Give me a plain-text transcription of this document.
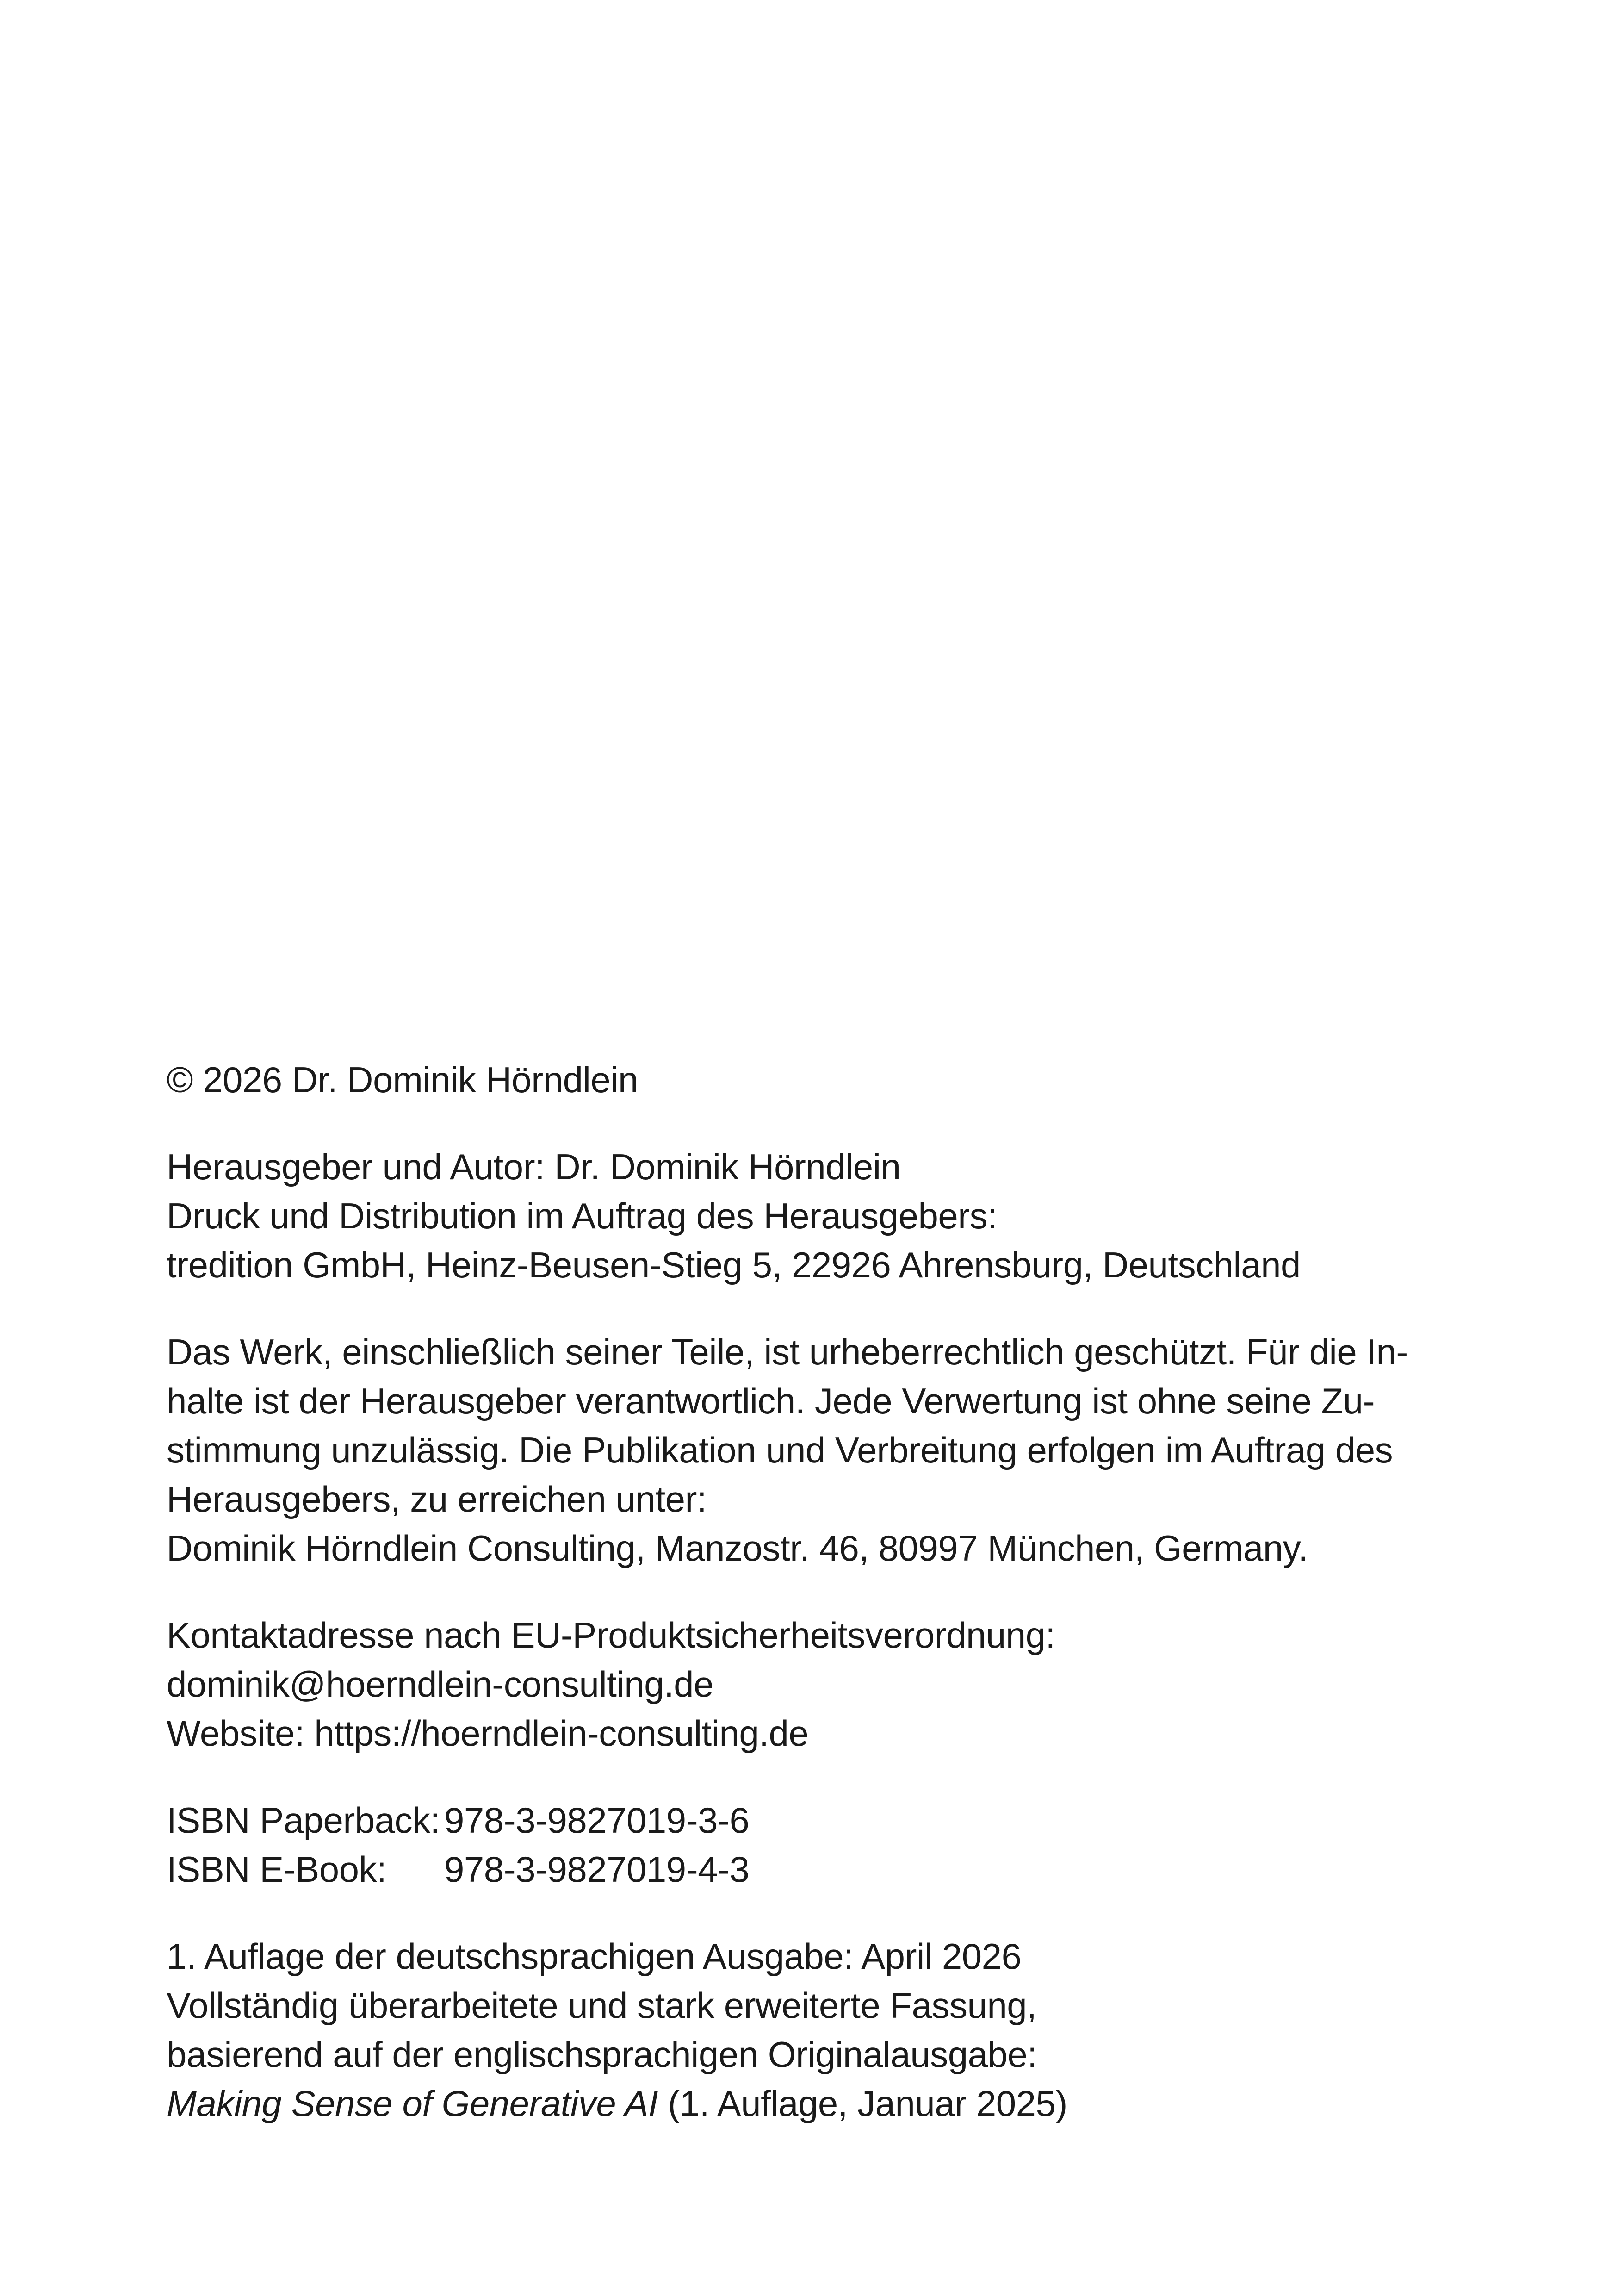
© 2026 Dr. Dominik Hörndlein
Herausgeber und Autor: Dr. Dominik Hörndlein
Druck und Distribution im Auftrag des Herausgebers:
tredition GmbH, Heinz-Beusen-Stieg 5, 22926 Ahrensburg, Deutschland
Das Werk, einschließlich seiner Teile, ist urheberrechtlich geschützt. Für die In-
halte ist der Herausgeber verantwortlich. Jede Verwertung ist ohne seine Zu-
stimmung unzulässig. Die Publikation und Verbreitung erfolgen im Auftrag des
Herausgebers, zu erreichen unter:
Dominik Hörndlein Consulting, Manzostr. 46, 80997 München, Germany.
Kontaktadresse nach EU-Produktsicherheitsverordnung:
dominik@hoerndlein-consulting.de
Website: https://hoerndlein-consulting.de
ISBN Paperback: 978-3-9827019-3-6
ISBN E-Book:	978-3-9827019-4-3
1. Auflage der deutschsprachigen Ausgabe: April 2026
Vollständig überarbeitete und stark erweiterte Fassung,
basierend auf der englischsprachigen Originalausgabe:
Making Sense of Generative AI (1. Auflage, Januar 2025)
